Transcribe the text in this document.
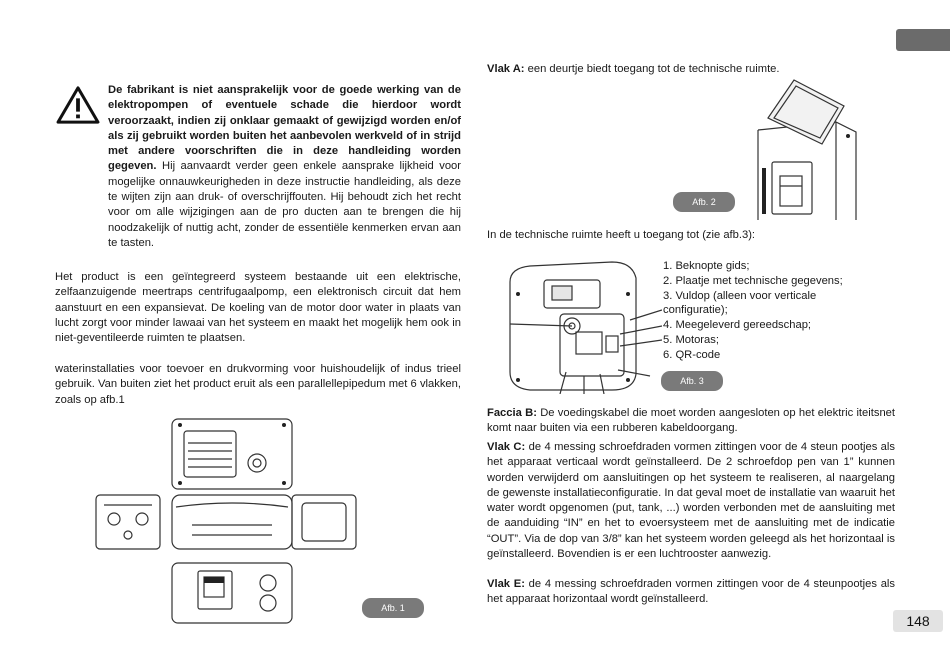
De fabrikant is niet aansprakelijk voor de goede werking van de elektropompen of eventuele schade die hierdoor wordt veroorzaakt, indien zij onklaar gemaakt of gewijzigd worden en/of als zij gebruikt worden buiten het aanbevolen werkveld of in strijd met andere voorschriften die in deze handleiding worden gegeven. Hij aanvaardt verder geen enkele aansprake lijkheid voor mogelijke onnauwkeurigheden in deze instructie handleiding, als deze te wijten zijn aan druk- of overschrijffouten. Hij behoudt zich het recht voor om alle wijzigingen aan de pro ducten aan te brengen die hij noodzakelijk of nuttig acht, zonder de essentiële kenmerken ervan aan te tasten.

Het product is een geïntegreerd systeem bestaande uit een elektrische, zelfaanzuigende meertraps centrifugaalpomp, een elektronisch circuit dat hem aanstuurt en een expansievat. De koeling van de motor door water in plaats van lucht zorgt voor minder lawaai van het systeem en maakt het mogelijk hem ook in niet-geventileerde ruimten te plaatsen.

waterinstallaties voor toevoer en drukvorming voor huishoudelijk of indus trieel gebruik. Van buiten ziet het product eruit als een parallellepipedum met 6 vlakken, zoals op afb.1

Afb. 1

Vlak A: een deurtje biedt toegang tot de technische ruimte.

Afb. 2

In de technische ruimte heeft u toegang tot (zie afb.3):

1. Beknopte gids;
2. Plaatje met technische gegevens;
3. Vuldop (alleen voor verticale
configuratie);
4. Meegeleverd gereedschap;
5. Motoras;
6. QR-code
Afb. 3

Faccia B: De voedingskabel die moet worden aangesloten op het elektric iteitsnet komt naar buiten via een rubberen kabeldoorgang.

Vlak C: de 4 messing schroefdraden vormen zittingen voor de 4 steun pootjes als het apparaat verticaal wordt geïnstalleerd. De 2 schroefdop pen van 1” kunnen worden verwijderd om aansluitingen op het systeem te realiseren, al naargelang de gewenste installatieconfiguratie. In dat geval moet de installatie van waaruit het water wordt opgenomen (put, tank, ...) worden verbonden met de aansluiting met de aanduiding “IN” en het to evoersysteem met de aansluiting met de indicatie “OUT”. Via de dop van 3/8” kan het systeem worden geleegd als het horizontaal is geïnstalleerd. Bovendien is er een luchtrooster aanwezig.

Vlak E: de 4 messing schroefdraden vormen zittingen voor de 4 steunpootjes als het apparaat horizontaal wordt geïnstalleerd.

148
